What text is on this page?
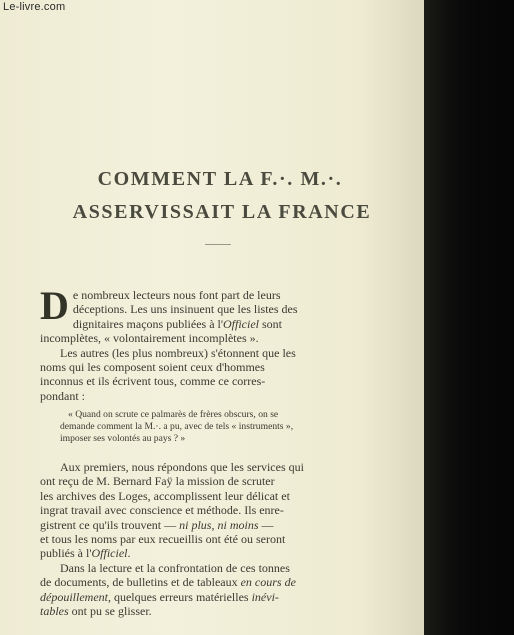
Le-livre.com
COMMENT LA F.·. M.·.
ASSERVISSAIT LA FRANCE
D e nombreux lecteurs nous font part de leurs
déceptions. Les uns insinuent que les listes des
dignitaires maçons publiées à l'Officiel sont
incomplètes, « volontairement incomplètes ».
Les autres (les plus nombreux) s'étonnent que les
noms qui les composent soient ceux d'hommes
inconnus et ils écrivent tous, comme ce corres-
pondant :
« Quand on scrute ce palmarès de frères obscurs, on se
demande comment la M.·. a pu, avec de tels « instruments »,
imposer ses volontés au pays ? »
Aux premiers, nous répondons que les services qui
ont reçu de M. Bernard Faÿ la mission de scruter
les archives des Loges, accomplissent leur délicat et
ingrat travail avec conscience et méthode. Ils enre-
gistrent ce qu'ils trouvent — ni plus, ni moins —
et tous les noms par eux recueillis ont été ou seront
publiés à l'Officiel.
Dans la lecture et la confrontation de ces tonnes
de documents, de bulletins et de tableaux en cours de
dépouillement, quelques erreurs matérielles inévi-
tables ont pu se glisser.
